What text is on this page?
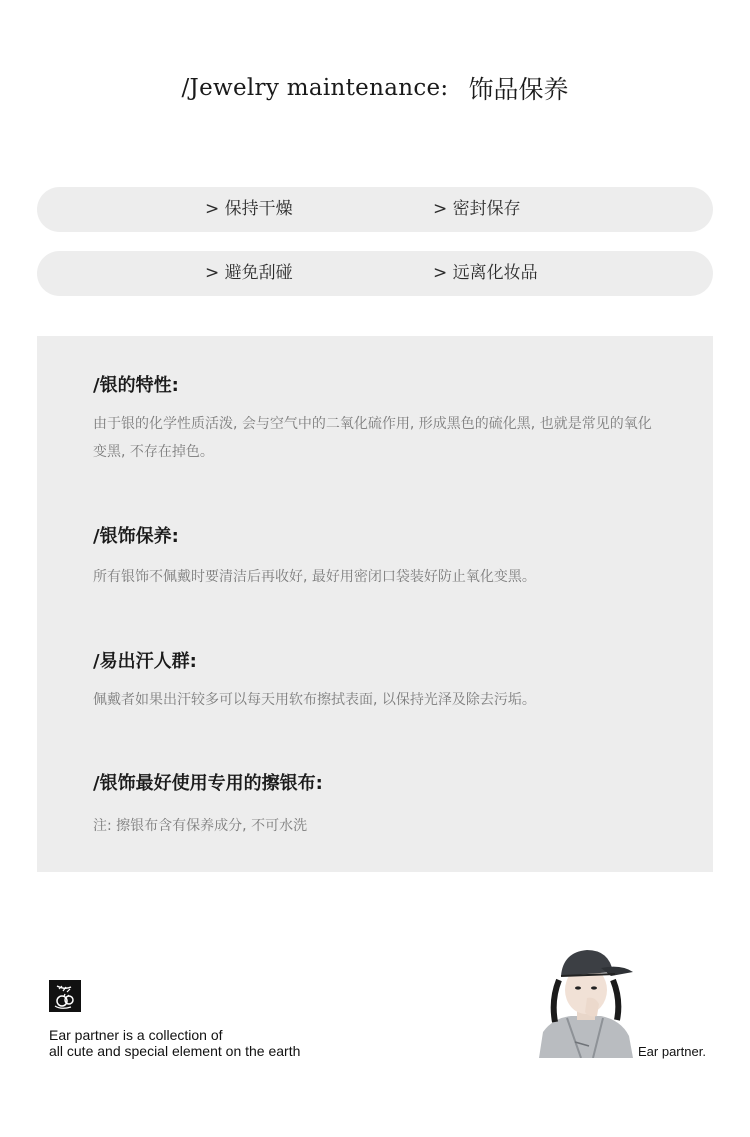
/Jewelry maintenance: 饰品保养
> 保持干燥	> 密封保存
> 避免刮碰	> 远离化妆品
/银的特性:
由于银的化学性质活泼, 会与空气中的二氧化硫作用, 形成黑色的硫化黑, 也就是常见的氧化变黑, 不存在掉色。
/银饰保养:
所有银饰不佩戴时要清洁后再收好, 最好用密闭口袋装好防止氧化变黑。
/易出汗人群:
佩戴者如果出汗较多可以每天用软布擦拭表面, 以保持光泽及除去污垢。
/银饰最好使用专用的擦银布:
注: 擦银布含有保养成分, 不可水洗
Ear partner is a collection of
all cute and special element on the earth	Ear partner.
